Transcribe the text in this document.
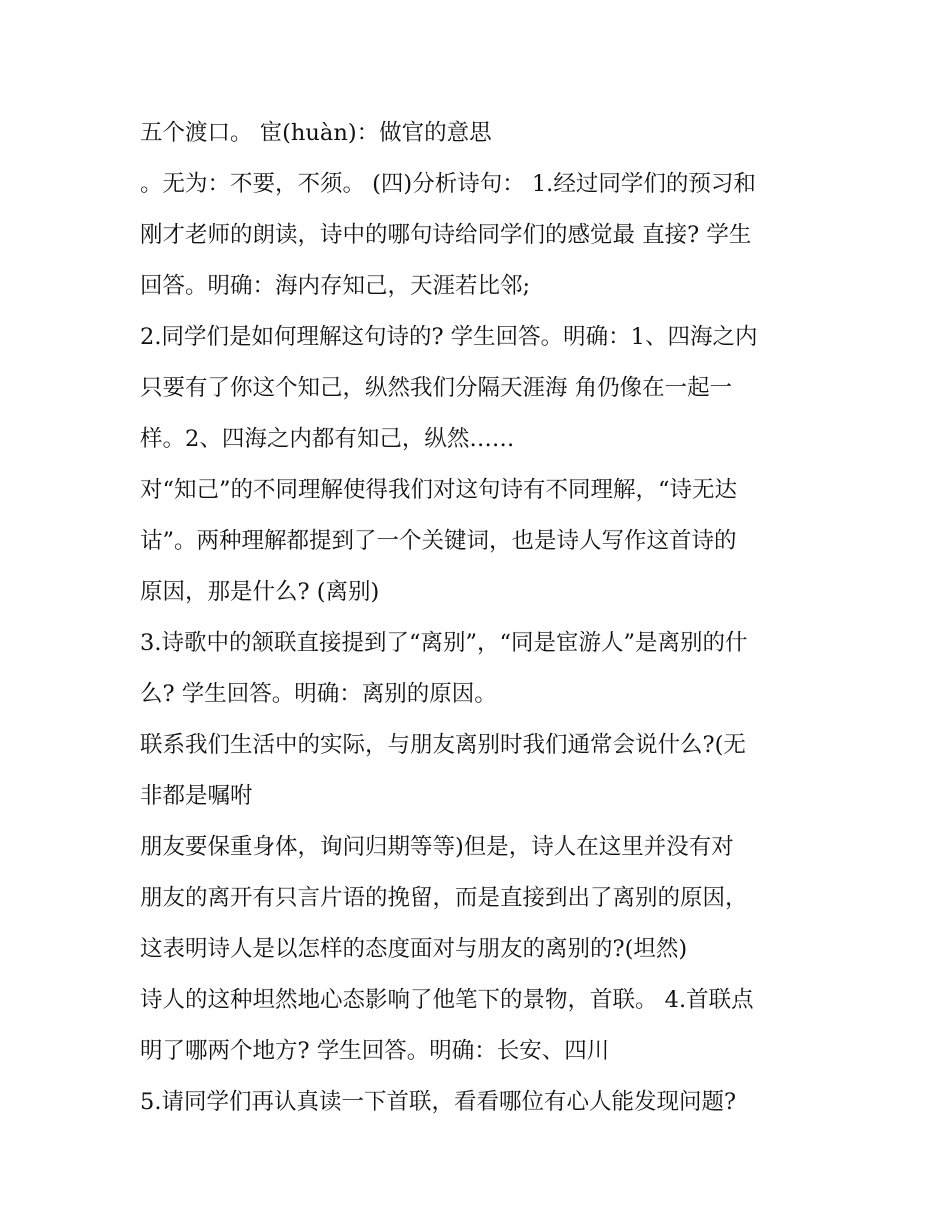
五个渡口。 宦(huàn)：做官的意思
。无为：不要，不须。 (四)分析诗句： 1.经过同学们的预习和
刚才老师的朗读，诗中的哪句诗给同学们的感觉最 直接? 学生
回答。明确：海内存知己，天涯若比邻;
2.同学们是如何理解这句诗的? 学生回答。明确：1、四海之内
只要有了你这个知己，纵然我们分隔天涯海 角仍像在一起一
样。2、四海之内都有知己，纵然……
对“知己”的不同理解使得我们对这句诗有不同理解，“诗无达
诂”。两种理解都提到了一个关键词，也是诗人写作这首诗的
原因，那是什么? (离别)
3.诗歌中的颔联直接提到了“离别”，“同是宦游人”是离别的什
么? 学生回答。明确：离别的原因。
联系我们生活中的实际，与朋友离别时我们通常会说什么?(无
非都是嘱咐
朋友要保重身体，询问归期等等)但是，诗人在这里并没有对
朋友的离开有只言片语的挽留，而是直接到出了离别的原因，
这表明诗人是以怎样的态度面对与朋友的离别的?(坦然)
诗人的这种坦然地心态影响了他笔下的景物，首联。 4.首联点
明了哪两个地方? 学生回答。明确：长安、四川
5.请同学们再认真读一下首联，看看哪位有心人能发现问题?
